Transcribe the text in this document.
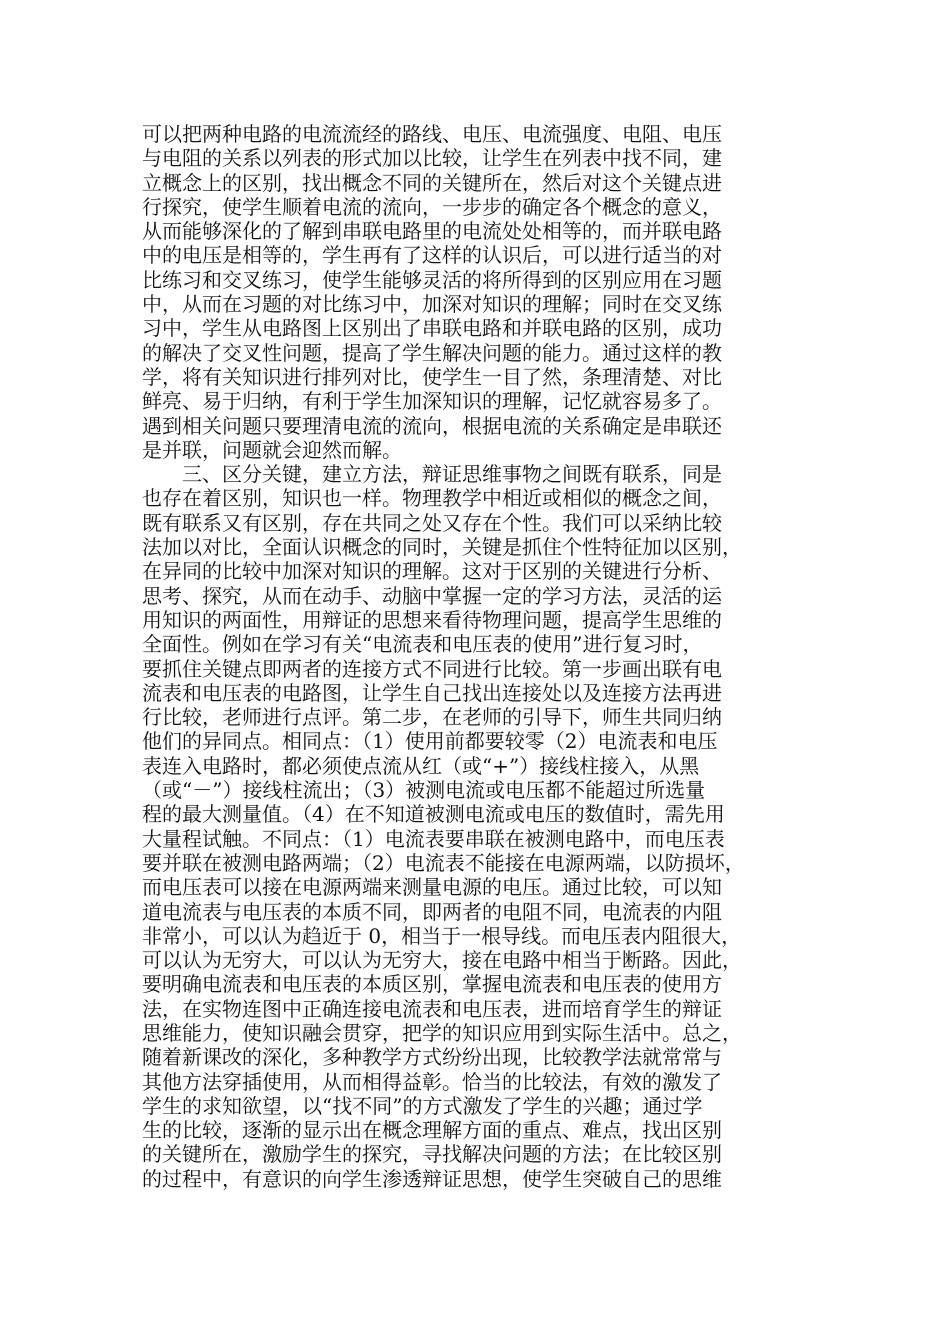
可以把两种电路的电流流经的路线、电压、电流强度、电阻、电压
与电阻的关系以列表的形式加以比较，让学生在列表中找不同，建
立概念上的区别，找出概念不同的关键所在，然后对这个关键点进
行探究，使学生顺着电流的流向，一步步的确定各个概念的意义，
从而能够深化的了解到串联电路里的电流处处相等的，而并联电路
中的电压是相等的，学生再有了这样的认识后，可以进行适当的对
比练习和交叉练习，使学生能够灵活的将所得到的区别应用在习题
中，从而在习题的对比练习中，加深对知识的理解；同时在交叉练
习中，学生从电路图上区别出了串联电路和并联电路的区别，成功
的解决了交叉性问题，提高了学生解决问题的能力。通过这样的教
学，将有关知识进行排列对比，使学生一目了然，条理清楚、对比
鲜亮、易于归纳，有利于学生加深知识的理解，记忆就容易多了。
遇到相关问题只要理清电流的流向，根据电流的关系确定是串联还
是并联，问题就会迎然而解。
三、区分关键，建立方法，辩证思维事物之间既有联系，同是
也存在着区别，知识也一样。物理教学中相近或相似的概念之间，
既有联系又有区别，存在共同之处又存在个性。我们可以采纳比较
法加以对比，全面认识概念的同时，关键是抓住个性特征加以区别，
在异同的比较中加深对知识的理解。这对于区别的关键进行分析、
思考、探究，从而在动手、动脑中掌握一定的学习方法，灵活的运
用知识的两面性，用辩证的思想来看待物理问题，提高学生思维的
全面性。例如在学习有关“电流表和电压表的使用”进行复习时，
要抓住关键点即两者的连接方式不同进行比较。第一步画出联有电
流表和电压表的电路图，让学生自己找出连接处以及连接方法再进
行比较，老师进行点评。第二步，在老师的引导下，师生共同归纳
他们的异同点。相同点：（1）使用前都要较零（2）电流表和电压
表连入电路时，都必须使点流从红（或“+”）接线柱接入，从黑
（或“－”）接线柱流出；（3）被测电流或电压都不能超过所选量
程的最大测量值。（4）在不知道被测电流或电压的数值时，需先用
大量程试触。不同点：（1）电流表要串联在被测电路中，而电压表
要并联在被测电路两端；（2）电流表不能接在电源两端，以防损坏，
而电压表可以接在电源两端来测量电源的电压。通过比较，可以知
道电流表与电压表的本质不同，即两者的电阻不同，电流表的内阻
非常小，可以认为趋近于 0，相当于一根导线。而电压表内阻很大，
可以认为无穷大，可以认为无穷大，接在电路中相当于断路。因此，
要明确电流表和电压表的本质区别，掌握电流表和电压表的使用方
法，在实物连图中正确连接电流表和电压表，进而培育学生的辩证
思维能力，使知识融会贯穿，把学的知识应用到实际生活中。总之，
随着新课改的深化，多种教学方式纷纷出现，比较教学法就常常与
其他方法穿插使用，从而相得益彰。恰当的比较法，有效的激发了
学生的求知欲望，以“找不同”的方式激发了学生的兴趣；通过学
生的比较，逐渐的显示出在概念理解方面的重点、难点，找出区别
的关键所在，激励学生的探究，寻找解决问题的方法；在比较区别
的过程中，有意识的向学生渗透辩证思想，使学生突破自己的思维
